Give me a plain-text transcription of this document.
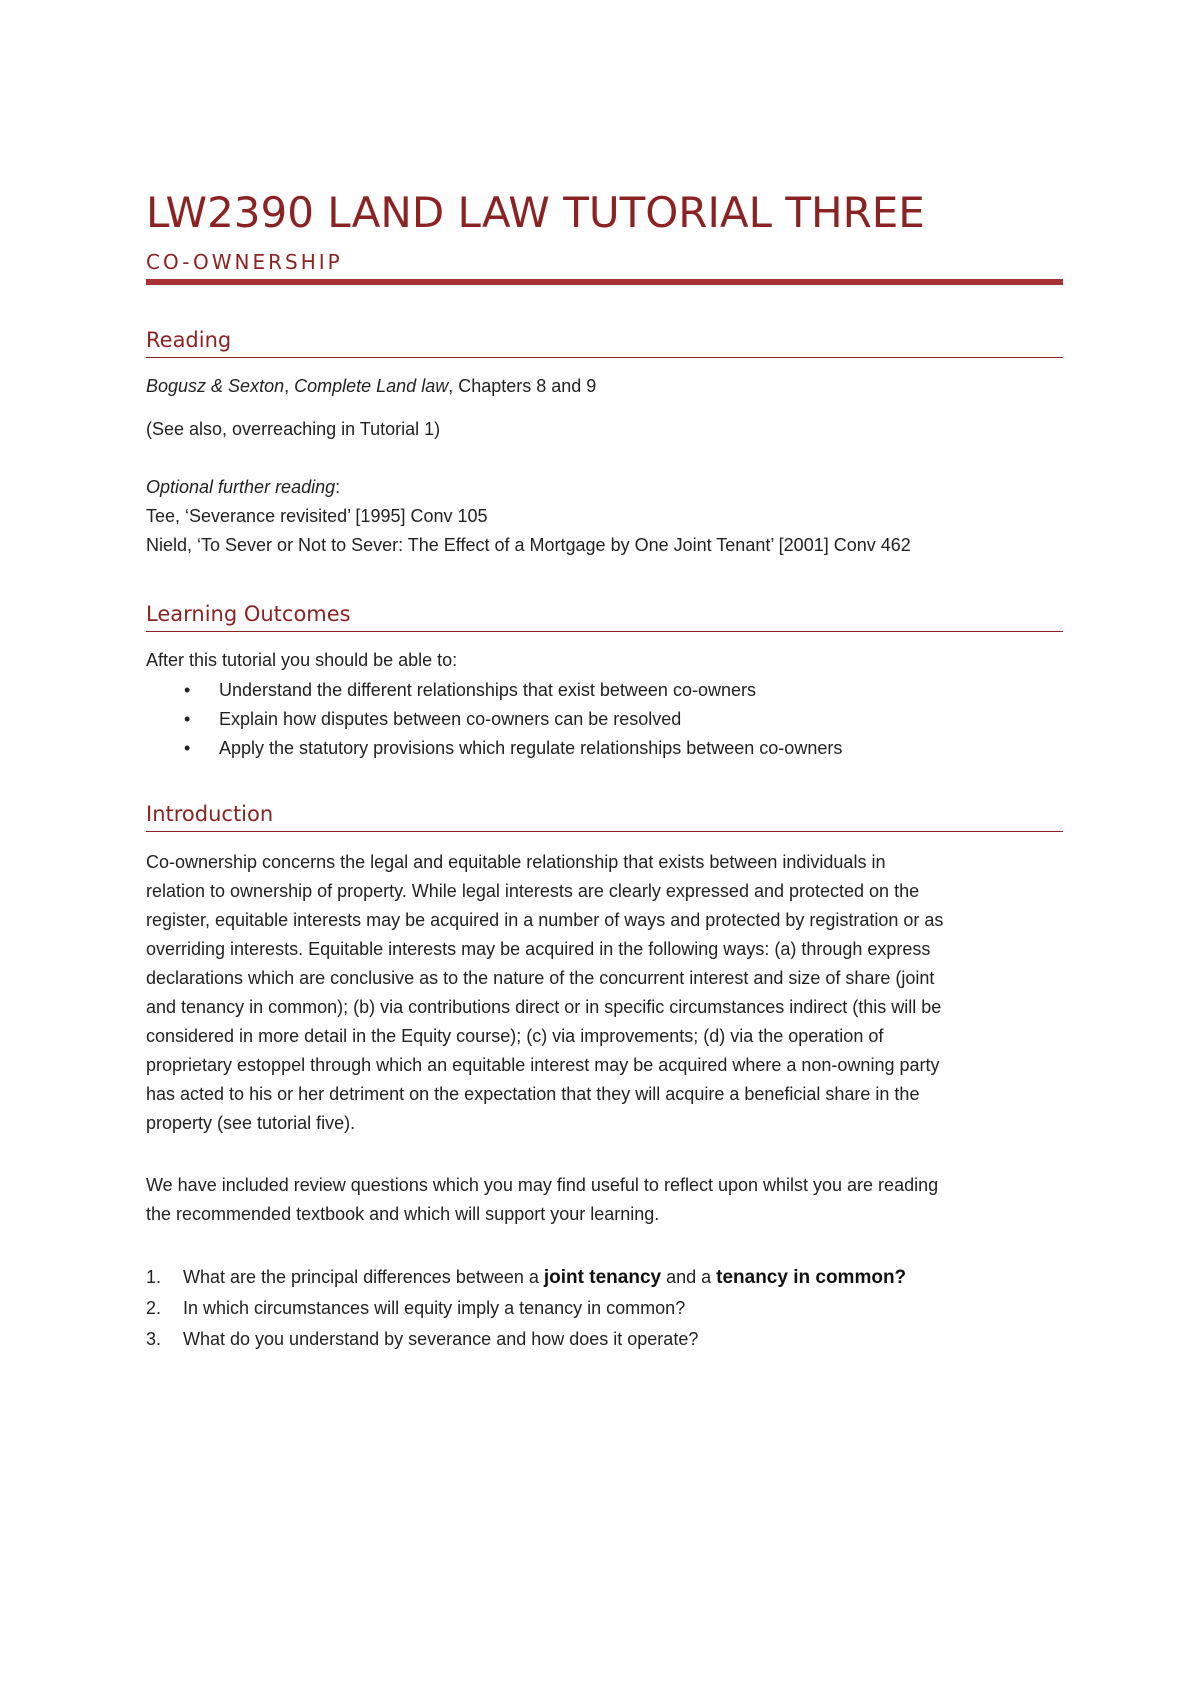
LW2390 LAND LAW TUTORIAL THREE
CO-OWNERSHIP
Reading

Bogusz & Sexton, Complete Land law, Chapters 8 and 9

(See also, overreaching in Tutorial 1)

Optional further reading:

Tee, ‘Severance revisited’ [1995] Conv 105

Nield, ‘To Sever or Not to Sever: The Effect of a Mortgage by One Joint Tenant’ [2001] Conv 462

Learning Outcomes

After this tutorial you should be able to:

• Understand the different relationships that exist between co-owners
• Explain how disputes between co-owners can be resolved
• Apply the statutory provisions which regulate relationships between co-owners
Introduction
Co-ownership concerns the legal and equitable relationship that exists between individuals in
relation to ownership of property. While legal interests are clearly expressed and protected on the
register, equitable interests may be acquired in a number of ways and protected by registration or as
overriding interests. Equitable interests may be acquired in the following ways: (a) through express
declarations which are conclusive as to the nature of the concurrent interest and size of share (joint
and tenancy in common); (b) via contributions direct or in specific circumstances indirect (this will be
considered in more detail in the Equity course); (c) via improvements; (d) via the operation of
proprietary estoppel through which an equitable interest may be acquired where a non-owning party
has acted to his or her detriment on the expectation that they will acquire a beneficial share in the
property (see tutorial five).
We have included review questions which you may find useful to reflect upon whilst you are reading
the recommended textbook and which will support your learning.
1. What are the principal differences between a joint tenancy and a tenancy in common?
2. In which circumstances will equity imply a tenancy in common?
3. What do you understand by severance and how does it operate?
